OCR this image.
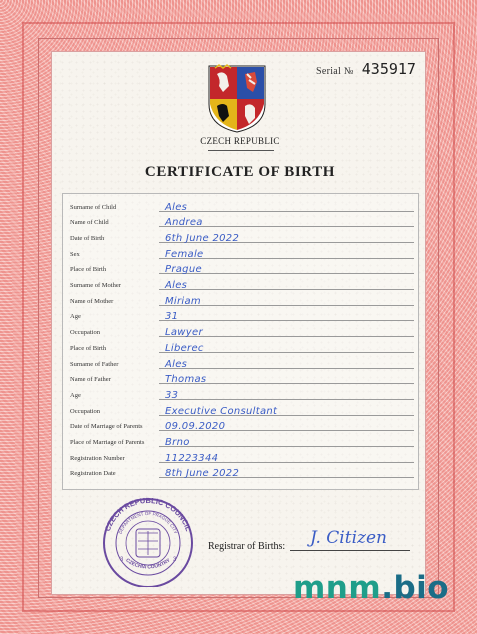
Serial № 435917
CZECH REPUBLIC
CERTIFICATE OF BIRTH
Surname of Child	Ales
Name of Child	Andrea
Date of Birth	6th June 2022
Sex	Female
Place of Birth	Prague
Surname of Mother	Ales
Name of Mother	Miriam
Age	31
Occupation	Lawyer
Place of Birth	Liberec
Surname of Father	Ales
Name of Father	Thomas
Age	33
Occupation	Executive Consultant
Date of Marriage of Parents 09.09.2020
Place of Marriage of Parents Brno
Registration Number	11223344
Registration Date	8th June 2022
CZECH REPUBLIC COUNCIL
DEPARTMENT OF PRAGUE CITY
CZECHIA COUNTRY
3	3
Registrar of Births: J. Citizen
mnm.bio
